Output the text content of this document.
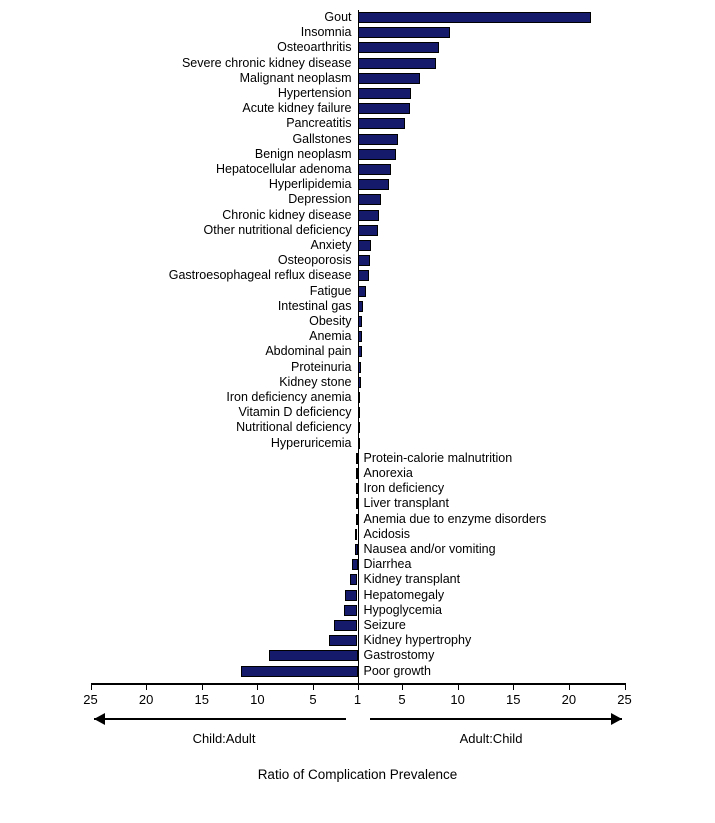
Gout
Insomnia
Osteoarthritis
Severe chronic kidney disease
Malignant neoplasm
Hypertension
Acute kidney failure
Pancreatitis
Gallstones
Benign neoplasm
Hepatocellular adenoma
Hyperlipidemia
Depression
Chronic kidney disease
Other nutritional deficiency
Anxiety
Osteoporosis
Gastroesophageal reflux disease
Fatigue
Intestinal gas
Obesity
Anemia
Abdominal pain
Proteinuria
Kidney stone
Iron deficiency anemia
Vitamin D deficiency
Nutritional deficiency
Hyperuricemia
Protein-calorie malnutrition
Anorexia
Iron deficiency
Liver transplant
Anemia due to enzyme disorders
Acidosis
Nausea and/or vomiting
Diarrhea
Kidney transplant
Hepatomegaly
Hypoglycemia
Seizure
Kidney hypertrophy
Gastrostomy
Poor growth
25	20	15	10	5	1	5	10	15	20	25
Child:Adult	Adult:Child
Ratio of Complication Prevalence
